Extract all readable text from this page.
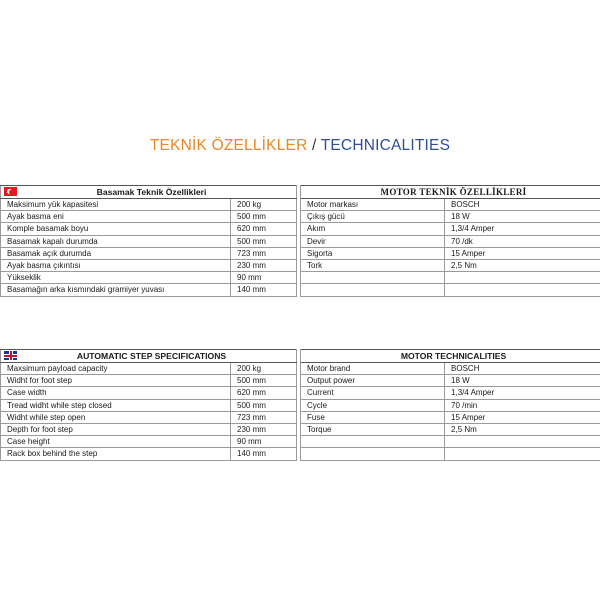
TEKNİK ÖZELLİKLER / TECHNICALITIES
Basamak Teknik Özellikleri			MOTOR TEKNİK ÖZELLİKLERİ	
Maksimum yük kapasitesi	200 kg		Motor markası	BOSCH
Ayak basma eni	500 mm		Çıkış gücü	18 W
Komple basamak boyu	620 mm		Akım	1,3/4 Amper
Basamak kapalı durumda	500 mm		Devir	70 /dk
Basamak açık durumda	723 mm		Sigorta	15 Amper
Ayak basma çıkıntısı	230 mm		Tork	2,5 Nm
Yükseklik	90 mm			
Basamağın arka kısmındaki gramiyer yuvası	140 mm			
AUTOMATIC STEP SPECIFICATIONS			MOTOR TECHNICALITIES	
Maxsimum payload capacity	200 kg		Motor brand	BOSCH
Widht for foot step	500 mm		Output power	18 W
Case width	620 mm		Current	1,3/4 Amper
Tread widht while step closed	500 mm		Cycle	70 /min
Widht while step open	723 mm		Fuse	15 Amper
Depth for foot step	230 mm		Torque	2,5 Nm
Case height	90 mm			
Rack box behind the step	140 mm			
